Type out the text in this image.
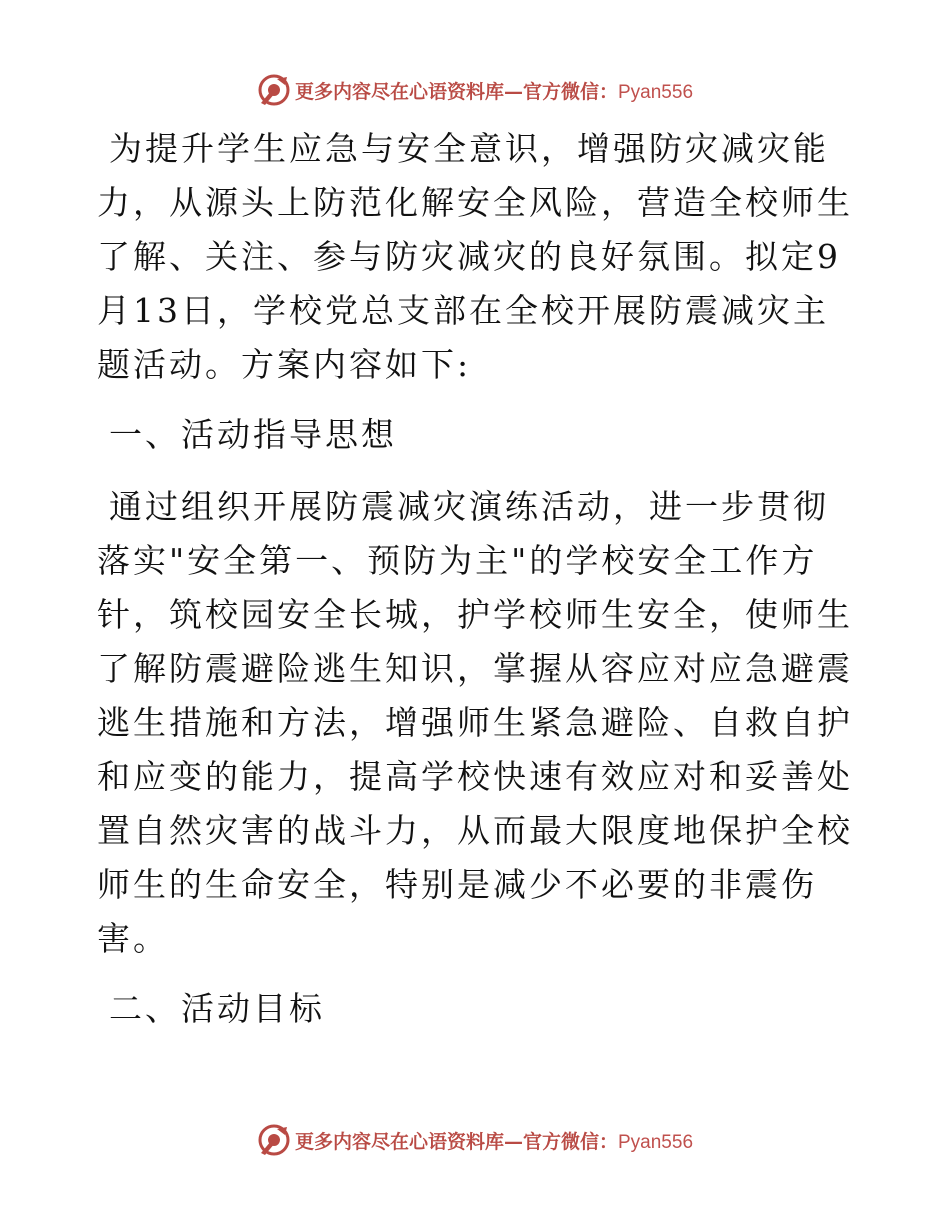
更多内容尽在心语资料库—官方微信：Pyan556

为提升学生应急与安全意识，增强防灾减灾能力，从源头上防范化解安全风险，营造全校师生了解、关注、参与防灾减灾的良好氛围。拟定9月13日，学校党总支部在全校开展防震减灾主题活动。方案内容如下:

一、活动指导思想

通过组织开展防震减灾演练活动，进一步贯彻落实"安全第一、预防为主"的学校安全工作方针，筑校园安全长城，护学校师生安全，使师生了解防震避险逃生知识，掌握从容应对应急避震逃生措施和方法，增强师生紧急避险、自救自护和应变的能力，提高学校快速有效应对和妥善处置自然灾害的战斗力，从而最大限度地保护全校师生的生命安全，特别是减少不必要的非震伤害。

二、活动目标

更多内容尽在心语资料库—官方微信：Pyan556
